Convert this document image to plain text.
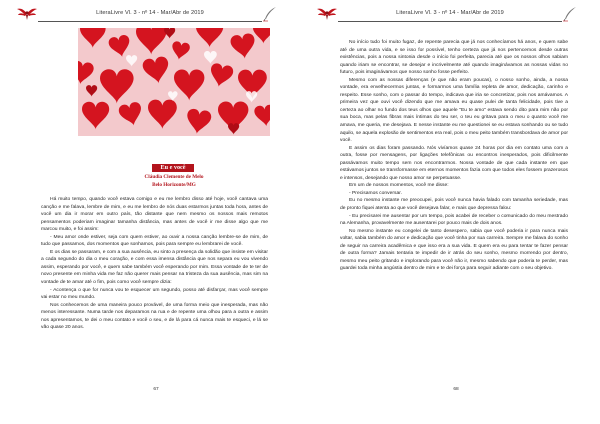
LiteraLivre Vl. 3 - nº 14 - Mar/Abr de 2019
Eu e você
Cláudia Clemente de Melo
Belo Horizonte/MG

Há muito tempo, quando você estava comigo e eu me lembro disso até hoje, você cantava uma canção e me falava, lembre de mim, e eu me lembro de nós duas estarmos juntas toda hora, antes de você um dia ir morar em outro país, tão distante que nem mesmo os nossos mais remotos pensamentos poderiam imaginar tamanha distância, mas antes de você ir me disse algo que me marcou muito, e foi assim:

- Meu amor onde estiver, seja com quem estiver, ao ouvir a nossa canção lembre-se de mim, de tudo que passamos, dos momentos que sonhamos, pois para sempre eu lembrarei de você.

E os dias se passaram, e com a sua ausência, eu sinto a presença da solidão que insiste em visitar a cada segundo do dia o meu coração, e com essa imensa distância que nos separa eu vou vivendo assim, esperando por você, e quem sabe também você esperando por mim. Essa vontade de te ter de novo presente em minha vida me faz não querer mais pensar na tristeza da sua ausência, mas sim na vontade de te amar até o fim, pois como você sempre dizia:

- Acontença o que for nunca vou te esquecer um segundo, posso até disfarçar, mas você sempre vai estar no meu mundo.

Nos conhecemos de uma maneira pouco provável, de uma forma meio que inesperada, mas não menos interessante. Numa tarde nos deparamos na rua e de repente uma olhou para a outra e assim nos apresentamos, te dei o meu contato e você o seu, e de lá para cá nunca mais te esqueci, e lá se vão quase 20 anos.

67
LiteraLivre Vl. 3 - nº 14 - Mar/Abr de 2019
68

No início tudo foi muito fugaz, de repente parecia que já nos conhecíamos há anos, e quem sabe até de uma outra vida, e se isso for possível, tenho certeza que já nos pertencemos desde outras existências, pois a nossa sintonia desde o início foi perfeita, parecia até que os nossos olhos sabiam quando iriam se encontrar, se desejar e incrivelmente até quando imaginávamos as nossas vidas no futuro, pois imaginávamos que nosso sonho fosse perfeito.

Mesmo com as nossas diferenças (e que não eram poucas), o nosso sonho, ainda, a nossa vontade, era envelhecermos juntas, e formarmos uma família repleta de amor, dedicação, carinho e respeito. Esse sonho, com o passar do tempo, indicava que iria se concretizar, pois nos amávamos. A primeira vez que ouvi você dizendo que me amava eu quase pulei de tanta felicidade, pois tive a certeza ao olhar no fundo dos teus olhos que aquele "Eu te amo" estava sendo dito para mim não por sua boca, mas pelas fibras mais íntimas do teu ser, o teu eu gritava para o meu o quanto você me amava, me queria, me desejava. E nesse instante eu me questionei se eu estava sonhando ou se tudo aquilo, se aquela explosão de sentimentos era real, pois o meu peito também transbordava de amor por você.

E assim os dias foram passando. Nós vivíamos quase 24 horas por dia em contato uma com a outra, fosse por mensagens, por ligações telefônicas ou encontros inesperados, pois dificilmente passávamos muito tempo sem nos encontrarmos. Nossa vontade de que cada instante em que estávamos juntos se transformasse em eternos momentos fazia com que todos eles fossem prazerosos e intensos, desejando que nosso amor se perpetuasse.

Em um de nossos momentos, você me disse:

- Precisamos conversar.

Eu no mesmo instante me preocupei, pois você nunca havia falado com tamanha seriedade, mas de pronto fiquei atenta ao que você desejava falar, e mais que depressa falou:

- Eu precisarei me ausentar por um tempo, pois acabei de receber o comunicado do meu mestrado na Alemanha, provavelmente me ausentarei por pouco mais de dois anos.

No mesmo instante eu congelei de tanto desespero, sabia que você poderia ir para nunca mais voltar, sabia também do amor e dedicação que você tinha por sua carreira. Sempre me falava do sonho de seguir na carreira acadêmica e que isso era a sua vida. E quem era eu para tentar te fazer pensar de outra forma? Jamais tentaria te impedir de ir atrás do seu sonho, mesmo morrendo por dentro, mesmo meu peito gritando e implorando para você não ir, mesmo sabendo que poderia te perder, mas guardei toda minha angústia dentro de mim e te dei força para seguir adiante com o seu objetivo.
